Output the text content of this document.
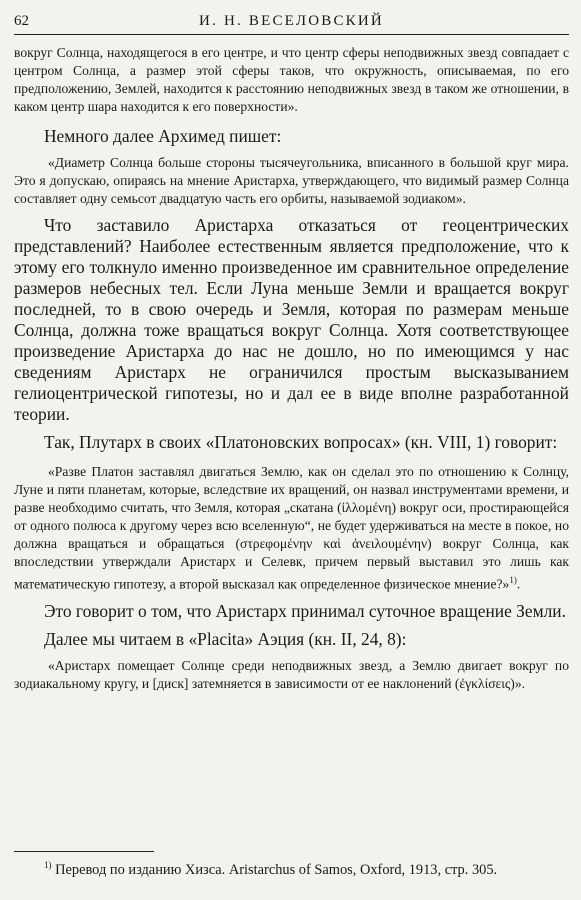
62	И. Н. ВЕСЕЛОВСКИЙ

вокруг Солнца, находящегося в его центре, и что центр сферы неподвижных звезд совпадает с центром Солнца, а размер этой сферы таков, что окружность, описываемая, по его предположению, Землей, находится к расстоянию неподвижных звезд в таком же отношении, в каком центр шара находится к его поверхности».

Немного далее Архимед пишет:

«Диаметр Солнца больше стороны тысячеугольника, вписанного в большой круг мира. Это я допускаю, опираясь на мнение Аристарха, утверждающего, что видимый размер Солнца составляет одну семьсот двадцатую часть его орбиты, называемой зодиаком».

Что заставило Аристарха отказаться от геоцентрических представлений? Наиболее естественным является предположение, что к этому его толкнуло именно произведенное им сравнительное определение размеров небесных тел. Если Луна меньше Земли и вращается вокруг последней, то в свою очередь и Земля, которая по размерам меньше Солнца, должна тоже вращаться вокруг Солнца. Хотя соответствующее произведение Аристарха до нас не дошло, но по имеющимся у нас сведениям Аристарх не ограничился простым высказыванием гелиоцентрической гипотезы, но и дал ее в виде вполне разработанной теории.

Так, Плутарх в своих «Платоновских вопросах» (кн. VIII, 1) говорит:

«Разве Платон заставлял двигаться Землю, как он сделал это по отношению к Солнцу, Луне и пяти планетам, которые, вследствие их вращений, он назвал инструментами времени, и разве необходимо считать, что Земля, которая „скатана (ἰλλομένη) вокруг оси, простирающейся от одного полюса к другому через всю вселенную“, не будет удерживаться на месте в покое, но должна вращаться и обращаться (στρεφομένην καὶ ἀνειλουμένην) вокруг Солнца, как впоследствии утверждали Аристарх и Селевк, причем первый выставил это лишь как математическую гипотезу, а второй высказал как определенное физическое мнение?»$^{1)}$.

Это говорит о том, что Аристарх принимал суточное вращение Земли.

Далее мы читаем в «Placita» Аэция (кн. II, 24, 8):

«Аристарх помещает Солнце среди неподвижных звезд, а Землю двигает вокруг по зодиакальному кругу, и [диск] затемняется в зависимости от ее наклонений (ἐγκλίσεις)».

$^{1)}$ Перевод по изданию Хизса. Aristarchus of Samos, Oxford, 1913, стр. 305.
